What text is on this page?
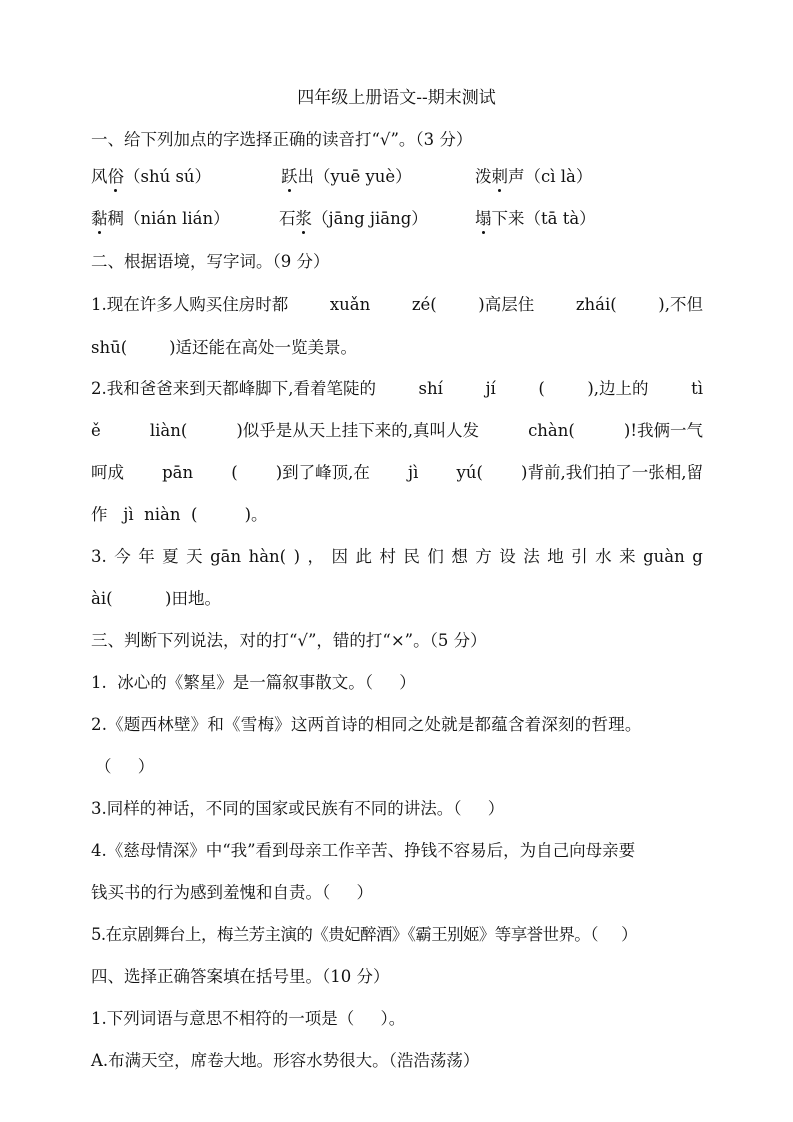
四年级上册语文--期末测试
一、给下列加点的字选择正确的读音打“√”。（3 分）
风俗（shú sú）	跃出（yuē yuè）	泼刺声（cì là）
黏稠（nián lián）	石浆（jāng jiāng）	塌下来（tā tà）
二、根据语境，写字词。（9 分）
1.现在许多人购买住房时都	xuǎn	zé(	)高层住	zhái(	),不但
shū(        )适还能在高处一览美景。
2.我和爸爸来到天都峰脚下,看着笔陡的	shí	jí	(	),边上的	tì
ě	liàn(	)似乎是从天上挂下来的,真叫人发	chàn(	)!我俩一气
呵成 pān ( )到了峰顶,在 jì yú( )背前,我们拍了一张相,留
作   jì  niàn  (         )。
3. 今 年 夏 天 gān hàn( ) ， 因 此 村 民 们 想 方 设 法 地 引 水 来 guàn g
ài(          )田地。
三、判断下列说法，对的打“√”，错的打“×”。（5 分）
1.  冰心的《繁星》是一篇叙事散文。（     ）
2.《题西林壁》和《雪梅》这两首诗的相同之处就是都蕴含着深刻的哲理。
（     ）
3.同样的神话，不同的国家或民族有不同的讲法。（     ）
4.《慈母情深》中“我”看到母亲工作辛苦、挣钱不容易后，为自己向母亲要
钱买书的行为感到羞愧和自责。（     ）
5.在京剧舞台上，梅兰芳主演的《贵妃醉酒》《霸王别姬》等享誉世界。（     ）
四、选择正确答案填在括号里。（10 分）
1.下列词语与意思不相符的一项是（     ）。
A.布满天空，席卷大地。形容水势很大。（浩浩荡荡）
